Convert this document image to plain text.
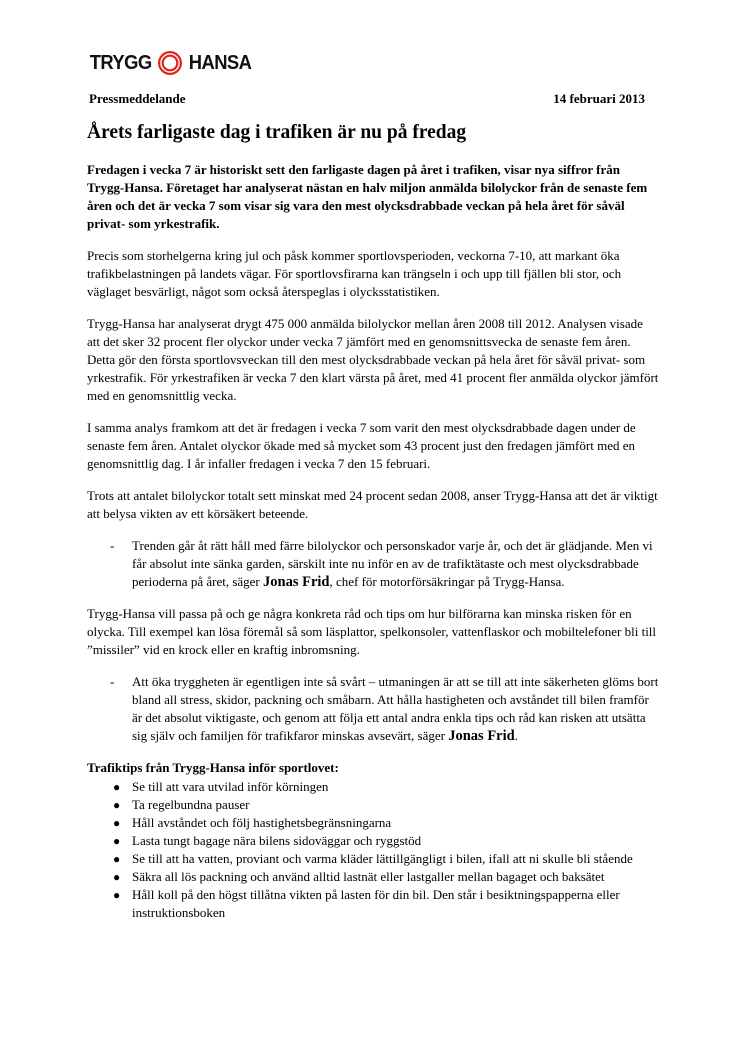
TRYGG HANSA
Pressmeddelande	14 februari 2013
Årets farligaste dag i trafiken är nu på fredag

Fredagen i vecka 7 är historiskt sett den farligaste dagen på året i trafiken, visar nya siffror från Trygg-Hansa. Företaget har analyserat nästan en halv miljon anmälda bilolyckor från de senaste fem åren och det är vecka 7 som visar sig vara den mest olycksdrabbade veckan på hela året för såväl privat- som yrkestrafik.

Precis som storhelgerna kring jul och påsk kommer sportlovsperioden, veckorna 7-10, att markant öka trafikbelastningen på landets vägar. För sportlovsfirarna kan trängseln i och upp till fjällen bli stor, och väglaget besvärligt, något som också återspeglas i olycksstatistiken.

Trygg-Hansa har analyserat drygt 475 000 anmälda bilolyckor mellan åren 2008 till 2012. Analysen visade att det sker 32 procent fler olyckor under vecka 7 jämfört med en genomsnittsvecka de senaste fem åren. Detta gör den första sportlovsveckan till den mest olycksdrabbade veckan på hela året för såväl privat- som yrkestrafik. För yrkestrafiken är vecka 7 den klart värsta på året, med 41 procent fler anmälda olyckor jämfört med en genomsnittlig vecka.

I samma analys framkom att det är fredagen i vecka 7 som varit den mest olycksdrabbade dagen under de senaste fem åren. Antalet olyckor ökade med så mycket som 43 procent just den fredagen jämfört med en genomsnittlig dag. I år infaller fredagen i vecka 7 den 15 februari.

Trots att antalet bilolyckor totalt sett minskat med 24 procent sedan 2008, anser Trygg-Hansa att det är viktigt att belysa vikten av ett körsäkert beteende.

- Trenden går åt rätt håll med färre bilolyckor och personskador varje år, och det är glädjande. Men vi får absolut inte sänka garden, särskilt inte nu inför en av de trafiktätaste och mest olycksdrabbade perioderna på året, säger Jonas Frid, chef för motorförsäkringar på Trygg-Hansa.

Trygg-Hansa vill passa på och ge några konkreta råd och tips om hur bilförarna kan minska risken för en olycka. Till exempel kan lösa föremål så som läsplattor, spelkonsoler, vattenflaskor och mobiltelefoner bli till ”missiler” vid en krock eller en kraftig inbromsning.

- Att öka tryggheten är egentligen inte så svårt – utmaningen är att se till att inte säkerheten glöms bort bland all stress, skidor, packning och småbarn. Att hålla hastigheten och avståndet till bilen framför är det absolut viktigaste, och genom att följa ett antal andra enkla tips och råd kan risken att utsätta sig själv och familjen för trafikfaror minskas avsevärt, säger Jonas Frid.
Trafiktips från Trygg-Hansa inför sportlovet:
● Se till att vara utvilad inför körningen
● Ta regelbundna pauser
● Håll avståndet och följ hastighetsbegränsningarna
● Lasta tungt bagage nära bilens sidoväggar och ryggstöd
● Se till att ha vatten, proviant och varma kläder lättillgängligt i bilen, ifall att ni skulle bli stående
● Säkra all lös packning och använd alltid lastnät eller lastgaller mellan bagaget och baksätet
● Håll koll på den högst tillåtna vikten på lasten för din bil. Den står i besiktningspapperna eller instruktionsboken
